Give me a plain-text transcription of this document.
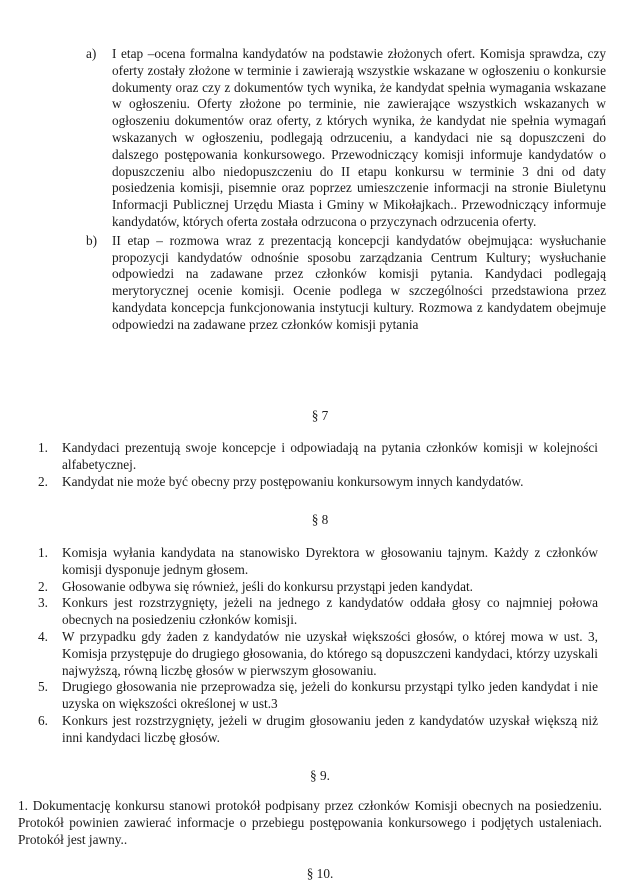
a) I etap –ocena formalna kandydatów na podstawie złożonych ofert. Komisja sprawdza, czy oferty zostały złożone w terminie i zawierają wszystkie wskazane w ogłoszeniu o konkursie dokumenty oraz czy z dokumentów tych wynika, że kandydat spełnia wymagania wskazane w ogłoszeniu. Oferty złożone po terminie, nie zawierające wszystkich wskazanych w ogłoszeniu dokumentów oraz oferty, z których wynika, że kandydat nie spełnia wymagań wskazanych w ogłoszeniu, podlegają odrzuceniu, a kandydaci nie są dopuszczeni do dalszego postępowania konkursowego. Przewodniczący komisji informuje kandydatów o dopuszczeniu albo niedopuszczeniu do II etapu konkursu w terminie 3 dni od daty posiedzenia komisji, pisemnie oraz poprzez umieszczenie informacji na stronie Biuletynu Informacji Publicznej Urzędu Miasta i Gminy w Mikołajkach.. Przewodniczący informuje kandydatów, których oferta została odrzucona o przyczynach odrzucenia oferty.
b) II etap – rozmowa wraz z prezentacją koncepcji kandydatów obejmująca: wysłuchanie propozycji kandydatów odnośnie sposobu zarządzania Centrum Kultury; wysłuchanie odpowiedzi na zadawane przez członków komisji pytania. Kandydaci podlegają merytorycznej ocenie komisji. Ocenie podlega w szczególności przedstawiona przez kandydata koncepcja funkcjonowania instytucji kultury. Rozmowa z kandydatem obejmuje odpowiedzi na zadawane przez członków komisji pytania
§ 7
1. Kandydaci prezentują swoje koncepcje i odpowiadają na pytania członków komisji w kolejności alfabetycznej.
2. Kandydat nie może być obecny przy postępowaniu konkursowym innych kandydatów.
§ 8
1. Komisja wyłania kandydata na stanowisko Dyrektora w głosowaniu tajnym. Każdy z członków komisji dysponuje jednym głosem.
2. Głosowanie odbywa się również, jeśli do konkursu przystąpi jeden kandydat.
3. Konkurs jest rozstrzygnięty, jeżeli na jednego z kandydatów oddała głosy co najmniej połowa obecnych na posiedzeniu członków komisji.
4. W przypadku gdy żaden z kandydatów nie uzyskał większości głosów, o której mowa w ust. 3, Komisja przystępuje do drugiego głosowania, do którego są dopuszczeni kandydaci, którzy uzyskali najwyższą, równą liczbę głosów w pierwszym głosowaniu.
5. Drugiego głosowania nie przeprowadza się, jeżeli do konkursu przystąpi tylko jeden kandydat i nie uzyska on większości określonej w ust.3
6. Konkurs jest rozstrzygnięty, jeżeli w drugim głosowaniu jeden z kandydatów uzyskał większą niż inni kandydaci liczbę głosów.
§ 9.

1. Dokumentację konkursu stanowi protokół podpisany przez członków Komisji obecnych na posiedzeniu. Protokół powinien zawierać informacje o przebiegu postępowania konkursowego i podjętych ustaleniach. Protokół jest jawny..

§ 10.
